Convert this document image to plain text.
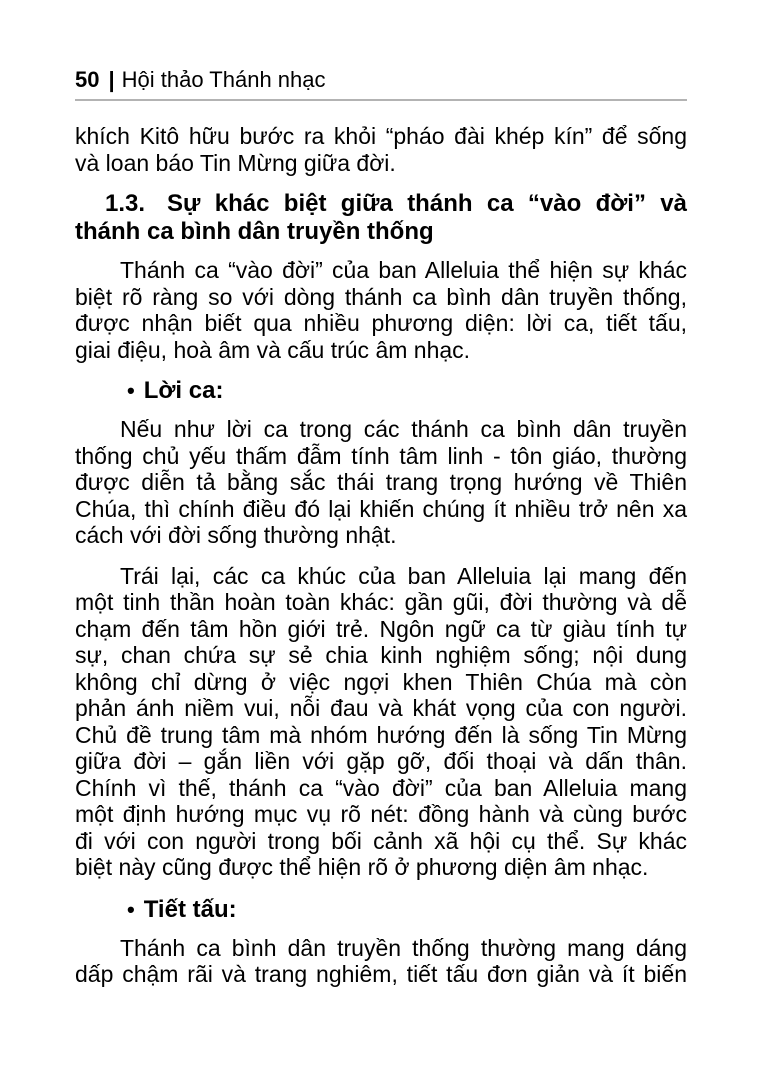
50 | Hội thảo Thánh nhạc
khích Kitô hữu bước ra khỏi “pháo đài khép kín” để sống
và loan báo Tin Mừng giữa đời.
1.3. Sự khác biệt giữa thánh ca “vào đời” và
thánh ca bình dân truyền thống
Thánh ca “vào đời” của ban Alleluia thể hiện sự khác
biệt rõ ràng so với dòng thánh ca bình dân truyền thống,
được nhận biết qua nhiều phương diện: lời ca, tiết tấu,
giai điệu, hoà âm và cấu trúc âm nhạc.
• Lời ca:
Nếu như lời ca trong các thánh ca bình dân truyền
thống chủ yếu thấm đẫm tính tâm linh - tôn giáo, thường
được diễn tả bằng sắc thái trang trọng hướng về Thiên
Chúa, thì chính điều đó lại khiến chúng ít nhiều trở nên xa
cách với đời sống thường nhật.
Trái lại, các ca khúc của ban Alleluia lại mang đến
một tinh thần hoàn toàn khác: gần gũi, đời thường và dễ
chạm đến tâm hồn giới trẻ. Ngôn ngữ ca từ giàu tính tự
sự, chan chứa sự sẻ chia kinh nghiệm sống; nội dung
không chỉ dừng ở việc ngợi khen Thiên Chúa mà còn
phản ánh niềm vui, nỗi đau và khát vọng của con người.
Chủ đề trung tâm mà nhóm hướng đến là sống Tin Mừng
giữa đời – gắn liền với gặp gỡ, đối thoại và dấn thân.
Chính vì thế, thánh ca “vào đời” của ban Alleluia mang
một định hướng mục vụ rõ nét: đồng hành và cùng bước
đi với con người trong bối cảnh xã hội cụ thể. Sự khác
biệt này cũng được thể hiện rõ ở phương diện âm nhạc.
• Tiết tấu:
Thánh ca bình dân truyền thống thường mang dáng
dấp chậm rãi và trang nghiêm, tiết tấu đơn giản và ít biến
